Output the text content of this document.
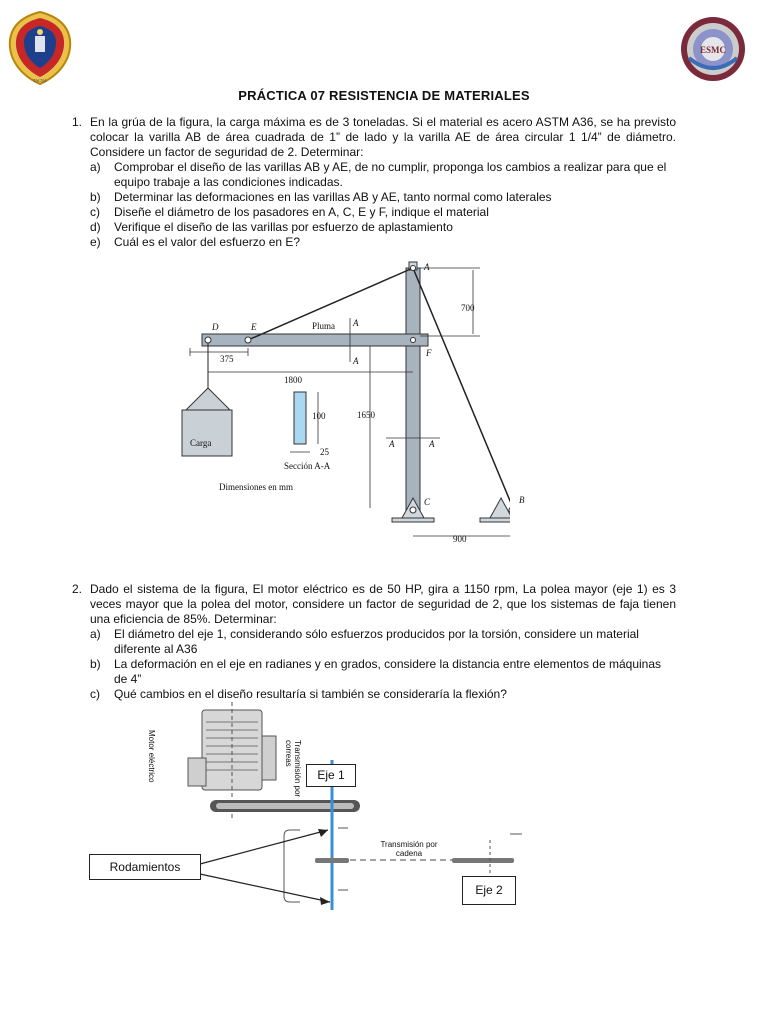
TACNA
ESMC
PRÁCTICA 07 RESISTENCIA DE MATERIALES
1. En la grúa de la figura, la carga máxima es de 3 toneladas. Si el material es acero ASTM A36, se ha previsto colocar la varilla AB de área cuadrada de 1” de lado y la varilla AE de área circular 1 1/4” de diámetro. Considere un factor de seguridad de 2. Determinar:
a) Comprobar el diseño de las varillas AB y AE, de no cumplir, proponga los cambios a realizar para que el equipo trabaje a las condiciones indicadas.
b) Determinar las deformaciones en las varillas AB y AE, tanto normal como laterales
c) Diseñe el diámetro de los pasadores en A, C, E y F, indique el material
d) Verifique el diseño de las varillas por esfuerzo de aplastamiento
e) Cuál es el valor del esfuerzo en E?
A
B
C
D	E
F
Pluma
Carga
Sección A-A
Dimensiones en mm
700
375
1800
1650
900
100
25
A
A
A	A
2. Dado el sistema de la figura, El motor eléctrico es de 50 HP, gira a 1150 rpm, La polea mayor (eje 1) es 3 veces mayor que la polea del motor, considere un factor de seguridad de 2, que los sistemas de faja tienen una eficiencia de 85%. Determinar:
a) El diámetro del eje 1, considerando sólo esfuerzos producidos por la torsión, considere un material diferente al A36
b) La deformación en el eje en radianes y en grados, considere la distancia entre elementos de máquinas de 4”
c) Qué cambios en el diseño resultaría si también se consideraría la flexión?
Motor eléctrico	Transmisión por correas
Transmisión por
cadena
Eje 1
Eje 2
Rodamientos
